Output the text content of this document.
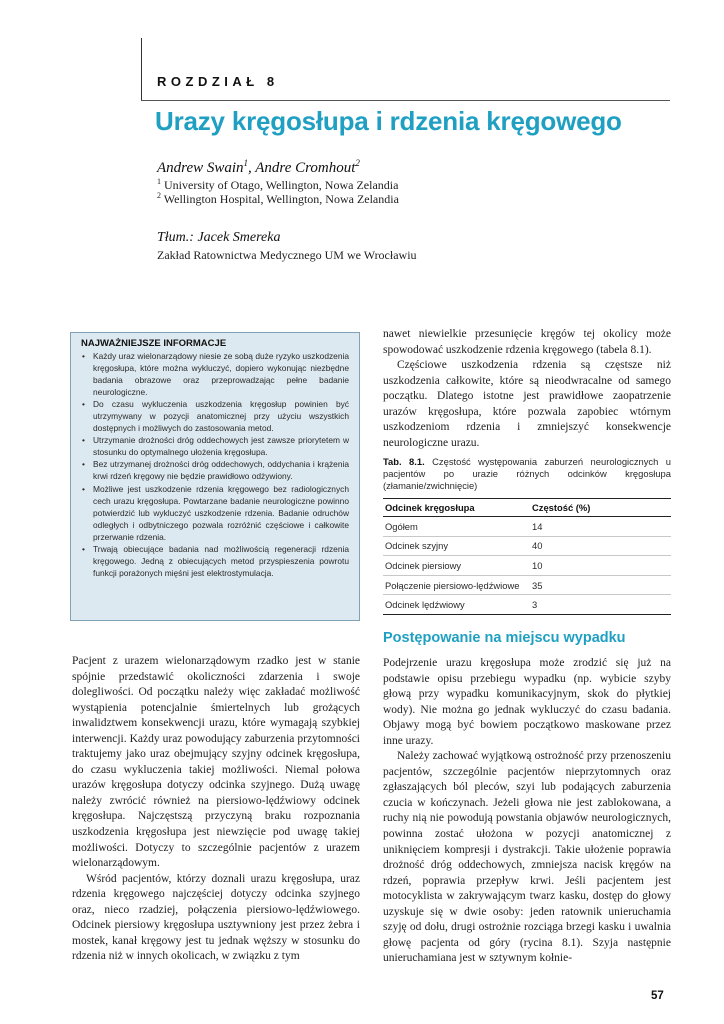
ROZDZIAŁ 8
Urazy kręgosłupa i rdzenia kręgowego
Andrew Swain$^1$, Andre Cromhout$^2$
$^1$ University of Otago, Wellington, Nowa Zelandia
$^2$ Wellington Hospital, Wellington, Nowa Zelandia
Tłum.: Jacek Smereka
Zakład Ratownictwa Medycznego UM we Wrocławiu
NAJWAŻNIEJSZE INFORMACJE
• Każdy uraz wielonarządowy niesie ze sobą duże ryzyko uszkodzenia kręgosłupa, które można wykluczyć, dopiero wykonując niezbędne badania obrazowe oraz przeprowadzając pełne badanie neurologiczne.
• Do czasu wykluczenia uszkodzenia kręgosłup powinien być utrzymywany w pozycji anatomicznej przy użyciu wszystkich dostępnych i możliwych do zastosowania metod.
• Utrzymanie drożności dróg oddechowych jest zawsze priorytetem w stosunku do optymalnego ułożenia kręgosłupa.
• Bez utrzymanej drożności dróg oddechowych, oddychania i krążenia krwi rdzeń kręgowy nie będzie prawidłowo odżywiony.
• Możliwe jest uszkodzenie rdzenia kręgowego bez radiologicznych cech urazu kręgosłupa. Powtarzane badanie neurologiczne powinno potwierdzić lub wykluczyć uszkodzenie rdzenia. Badanie odruchów odległych i odbytniczego pozwala rozróżnić częściowe i całkowite przerwanie rdzenia.
• Trwają obiecujące badania nad możliwością regeneracji rdzenia kręgowego. Jedną z obiecujących metod przyspieszenia powrotu funkcji porażonych mięśni jest elektrostymulacja.

Pacjent z urazem wielonarządowym rzadko jest w stanie spójnie przedstawić okoliczności zdarzenia i swoje dolegliwości. Od początku należy więc zakładać możliwość wystąpienia potencjalnie śmiertelnych lub grożących inwalidztwem konsekwencji urazu, które wymagają szybkiej interwencji. Każdy uraz powodujący zaburzenia przytomności traktujemy jako uraz obejmujący szyjny odcinek kręgosłupa, do czasu wykluczenia takiej możliwości. Niemal połowa urazów kręgosłupa dotyczy odcinka szyjnego. Dużą uwagę należy zwrócić również na piersiowo-lędźwiowy odcinek kręgosłupa. Najczęstszą przyczyną braku rozpoznania uszkodzenia kręgosłupa jest niewzięcie pod uwagę takiej możliwości. Dotyczy to szczególnie pacjentów z urazem wielonarządowym.

Wśród pacjentów, którzy doznali urazu kręgosłupa, uraz rdzenia kręgowego najczęściej dotyczy odcinka szyjnego oraz, nieco rzadziej, połączenia piersiowo-lędźwiowego. Odcinek piersiowy kręgosłupa usztywniony jest przez żebra i mostek, kanał kręgowy jest tu jednak węższy w stosunku do rdzenia niż w innych okolicach, w związku z tym

nawet niewielkie przesunięcie kręgów tej okolicy może spowodować uszkodzenie rdzenia kręgowego (tabela 8.1).

Częściowe uszkodzenia rdzenia są częstsze niż uszkodzenia całkowite, które są nieodwracalne od samego początku. Dlatego istotne jest prawidłowe zaopatrzenie urazów kręgosłupa, które pozwala zapobiec wtórnym uszkodzeniom rdzenia i zmniejszyć konsekwencje neurologiczne urazu.

Tab. 8.1. Częstość występowania zaburzeń neurologicznych u pacjentów po urazie różnych odcinków kręgosłupa (złamanie/zwichnięcie)
Odcinek kręgosłupa	Częstość (%)
Ogółem	14
Odcinek szyjny	40
Odcinek piersiowy	10
Połączenie piersiowo-lędźwiowe	35
Odcinek lędźwiowy	3
Postępowanie na miejscu wypadku

Podejrzenie urazu kręgosłupa może zrodzić się już na podstawie opisu przebiegu wypadku (np. wybicie szyby głową przy wypadku komunikacyjnym, skok do płytkiej wody). Nie można go jednak wykluczyć do czasu badania. Objawy mogą być bowiem początkowo maskowane przez inne urazy.

Należy zachować wyjątkową ostrożność przy przenoszeniu pacjentów, szczególnie pacjentów nieprzytomnych oraz zgłaszających ból pleców, szyi lub podających zaburzenia czucia w kończynach. Jeżeli głowa nie jest zablokowana, a ruchy nią nie powodują powstania objawów neurologicznych, powinna zostać ułożona w pozycji anatomicznej z uniknięciem kompresji i dystrakcji. Takie ułożenie poprawia drożność dróg oddechowych, zmniejsza nacisk kręgów na rdzeń, poprawia przepływ krwi. Jeśli pacjentem jest motocyklista w zakrywającym twarz kasku, dostęp do głowy uzyskuje się w dwie osoby: jeden ratownik unieruchamia szyję od dołu, drugi ostrożnie rozciąga brzegi kasku i uwalnia głowę pacjenta od góry (rycina 8.1). Szyja następnie unieruchamiana jest w sztywnym kołnie-

57
